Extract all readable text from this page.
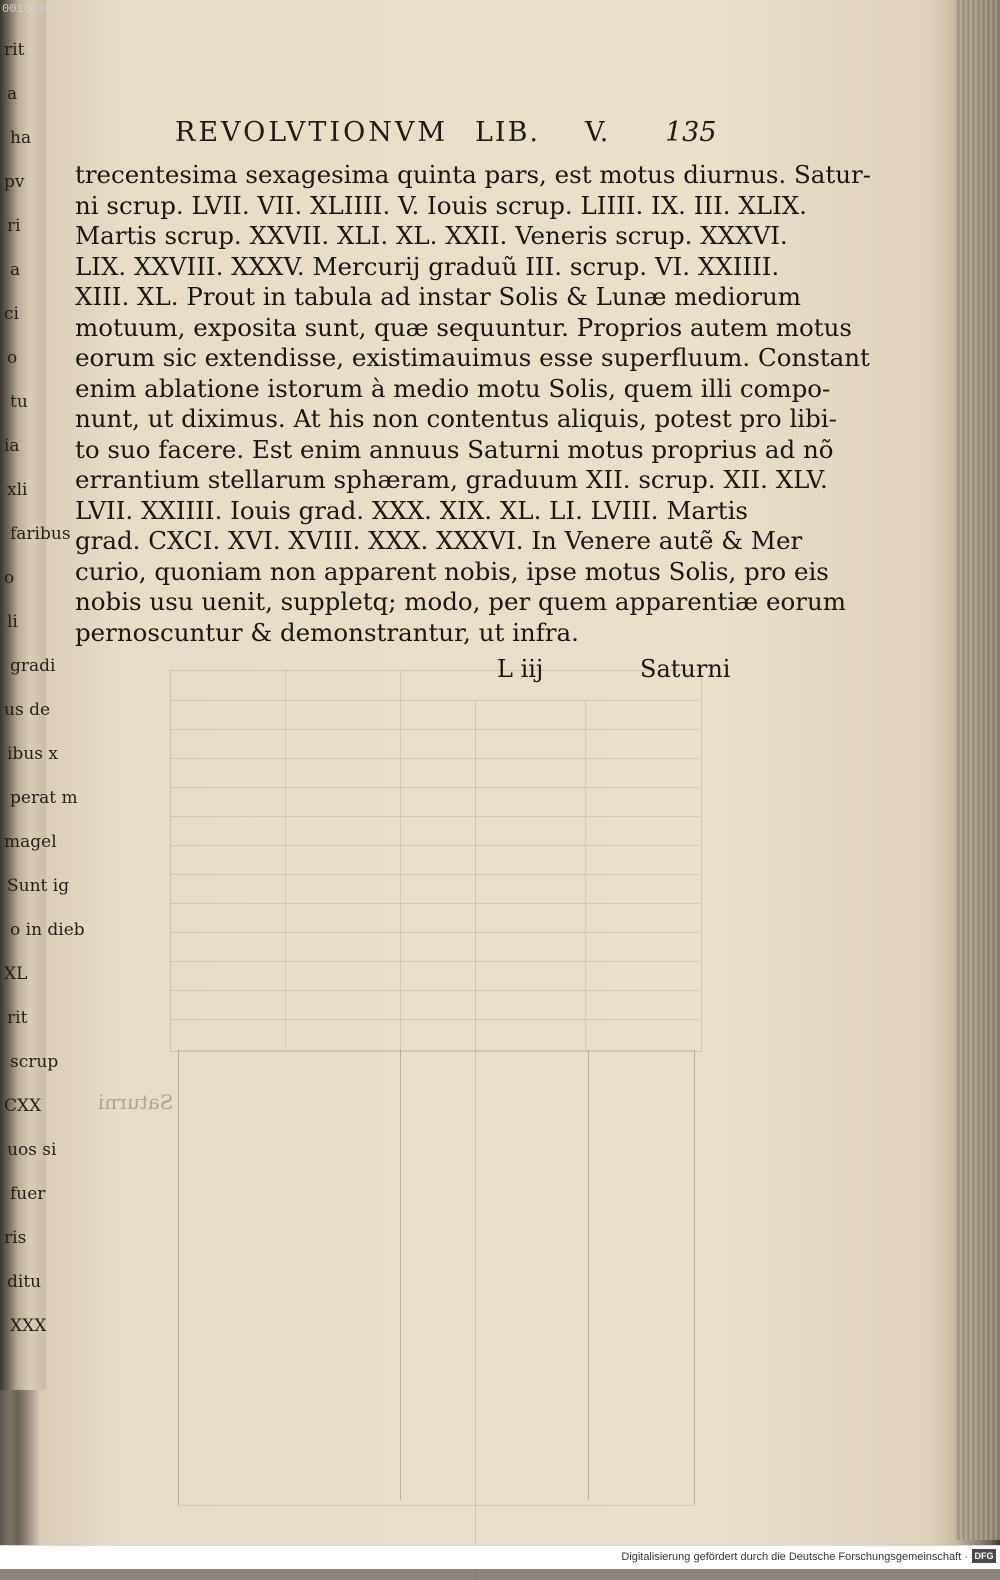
00106359
rit
a
ha
pv
ri
a
ci
o
tu
ia
xli
faribus
o
li
gradi
us de
ibus x
perat m
magel
Sunt ig
o in dieb
XL
rit
scrup
CXX
uos si
fuer
ris
ditu
XXX
Saturni
REVOLVTIONVM LIB. V. 135
trecentesima sexagesima quinta pars, est motus diurnus. Satur-
ni scrup. LVII. VII. XLIIII. V. Iouis scrup. LIIII. IX. III. XLIX.
Martis scrup. XXVII. XLI. XL. XXII. Veneris scrup. XXXVI.
LIX. XXVIII. XXXV. Mercurij graduũ III. scrup. VI. XXIIII.
XIII. XL. Prout in tabula ad instar Solis & Lunæ mediorum
motuum, exposita sunt, quæ sequuntur. Proprios autem motus
eorum sic extendisse, existimauimus esse superfluum. Constant
enim ablatione istorum à medio motu Solis, quem illi compo-
nunt, ut diximus. At his non contentus aliquis, potest pro libi-
to suo facere. Est enim annuus Saturni motus proprius ad nõ
errantium stellarum sphæram, graduum XII. scrup. XII. XLV.
LVII. XXIIII. Iouis grad. XXX. XIX. XL. LI. LVIII. Martis
grad. CXCI. XVI. XVIII. XXX. XXXVI. In Venere autẽ & Mer
curio, quoniam non apparent nobis, ipse motus Solis, pro eis
nobis usu uenit, suppletq; modo, per quem apparentiæ eorum
pernoscuntur & demonstrantur, ut infra.
L iij	Saturni
Digitalisierung gefördert durch die Deutsche Forschungsgemeinschaft · DFG
